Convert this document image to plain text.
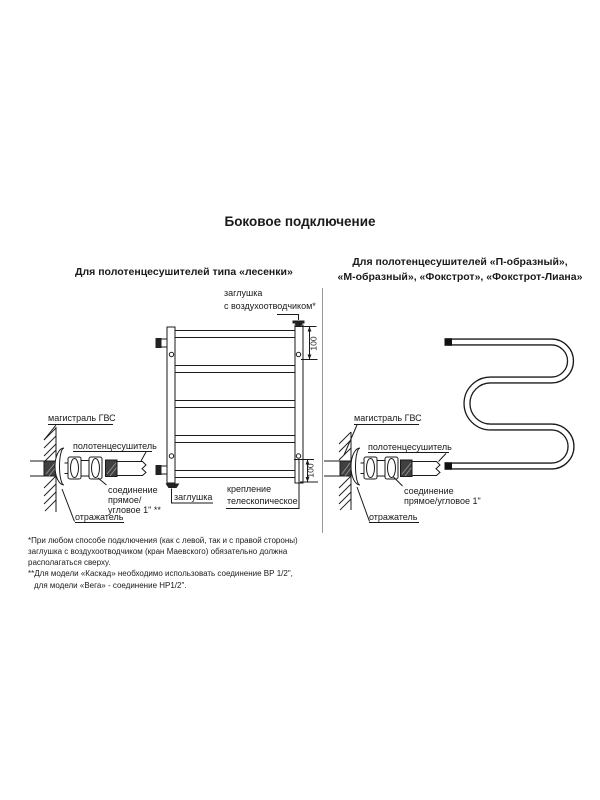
Боковое подключение
Для полотенцесушителей типа «лесенки»
Для полотенцесушителей «П-образный»,
«М-образный», «Фокстрот», «Фокстрот-Лиана»
заглушка
с воздухоотводчиком*
заглушка
крепление
телескопическое
100
100
магистраль ГВС
полотенцесушитель
соединение
прямое/
угловое 1" **
отражатель
магистраль ГВС
полотенцесушитель
соединение
прямое/угловое 1"
отражатель
*При любом способе подключения (как с левой, так и с правой стороны)
заглушка с воздухоотводчиком (кран Маевского) обязательно должна
располагаться сверху.
**Для модели «Каскад» необходимо использовать соединение ВР 1/2",
для модели «Вега» - соединение НР1/2".
